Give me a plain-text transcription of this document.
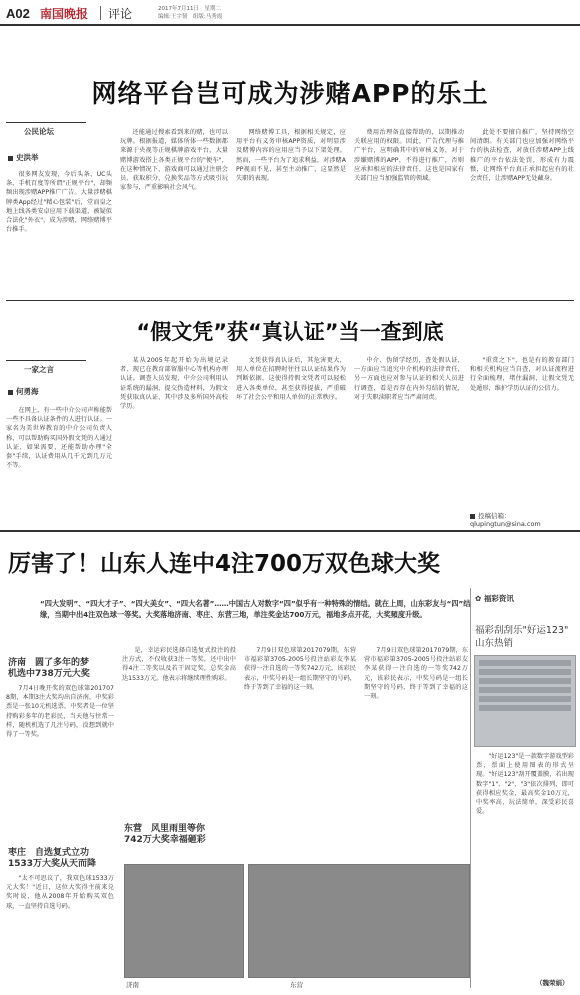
A02 南国晚报 评论	2017年7月11日　星期二
编辑:王宇韧　组版:马秀霞
网络平台岂可成为涉赌APP的乐土
公民论坛
史洪举

很多网友发现，今后头条、UC头条、手机百度等所谓"正规平台"，却频频出现涉赌APP推广广告。大量涉赌棋牌类App经过"精心包装"后，堂而皇之地上线各类安卓应用下载渠道，被疑似合法化"外衣"，成为涉赌、网络赌博平台推手。

还能通过搜索看到来的赌，也可以玩牌。根据报道，媒体所体一些数据都来源于央视等正规棋牌游戏平台，大量赌博游戏搭上各类正规平台的"便车"，在这种情况下，游戏商可以通过注册会员、获取积分、兑换奖品等方式吸引玩家参与，严重影响社会风气。

网络赌博工具，根据相关规定，应用平台有义务审核APP资质，对明显涉及赌博内容的应用应当予以下架处理。然而，一些平台为了追求利益，对涉赌APP视而不见，甚至主动推广，这显然是失职的表现。

费用治理备直接帮助的，以期推动关联应用的权限。因此，广告代理与推广平台，应明确其中的审核义务，对于涉嫌赌博的APP，不得进行推广，否则应承担相应的法律责任，这也是国家有关部门应当加强监管的领域。

此处不要擅自推广，坚持网络空间清朗。有关部门也应加强对网络平台的执法检查，对放任涉赌APP上线推广的平台依法处罚，形成有力震慑，让网络平台真正承担起应有的社会责任，让涉赌APP无处藏身。

“假文凭”获“真认证”当一查到底
一家之言
何勇海

在网上，有一些中介公司声称能帮一些不具备认证条件的人进行认证。一家名为美世界教育的中介公司负责人称，可以帮助购买国外假文凭的人通过认证，如果需要，还能帮助办理"全套"手续，认证费用从几千元到几万元不等。

某从2005年起开始为出境记录者、现已在教育部留服中心等机构办理认证。调查人员发现，中介公司利用认证系统的漏洞，提交伪造材料，为假文凭获取真认证，其中涉及多所国外高校学历。

文凭获得真认证后，其危害更大，用人单位在招聘时往往以认证结果作为判断依据，这使得持假文凭者可以轻松进入各类单位，甚至获得提拔，严重破坏了社会公平和用人单位的正常秩序。

中介、伪留学经历，查处假认证，一方面应当追究中介机构的法律责任，另一方面也应对参与认证的相关人员进行调查，看是否存在内外勾结的情况，对于失职渎职者应当严肃问责。

"重赏之下"，也是有的教育部门和相关机构应当自查，对认证流程进行全面梳理，堵住漏洞，让假文凭无处遁形，维护学历认证的公信力。

投稿信箱：qlupingtun@sina.com
厉害了！山东人连中4注700万双色球大奖
“四大发明”、“四大才子”、“四大美女”、“四大名著”……中国古人对数字“四”似乎有一种特殊的情结。就在上周，山东彩友与“四”结缘，当期中出4注双色球一等奖。大奖落地济南、枣庄、东营三地，单注奖金达700万元，福地多点开花，大奖頻度升级。
济南　圆了多年的梦
机选中738万元大奖

7月4日晚开奖的双色球第2017078期，本期3注大奖均出自济南，中奖彩票是一张10元机选票，中奖者是一位坚持购彩多年的老彩民，当天他与往常一样，随机机选了几注号码，没想到就中得了一等奖。

枣庄　自选复式立功
1533万大奖从天而降

"太不可思议了，我双色球1533万元大奖！"近日，这位大奖得主前来兑奖时说，他从2008年开始购买双色球，一直坚持自选号码。

是，幸运彩民选择自选复式投注的投注方式，不仅收获3注一等奖，还中出中得4注二等奖以及若干固定奖，总奖金高达1533万元。他表示将继续理性购彩。

东营　风里雨里等你
742万大奖幸福砸彩

7月9日双色球第2017079期，东营市福彩第3705-2005号投注站彩友李某获得一注自选的一等奖742万元，该彩民表示，中奖号码是一组长期坚守的号码，终于等到了幸福的这一刻。

7月9日双色球第2017079期，东营市福彩第3705-2005号投注站彩友李某获得一注自选的一等奖742万元，该彩民表示，中奖号码是一组长期坚守的号码，终于等到了幸福的这一刻。

济南	东营
✿ 福彩资讯
福彩刮刮乐"好运123"
山东热销

"好运123"是一款数字游戏型彩票，票面上使用图表的形式呈现。"好运123"刮开覆盖膜，若出现数字"1"、"2"、"3"依次排列，即可获得相应奖金，最高奖金10万元，中奖率高，玩法简单，深受彩民喜爱。

（魏荣娟）
